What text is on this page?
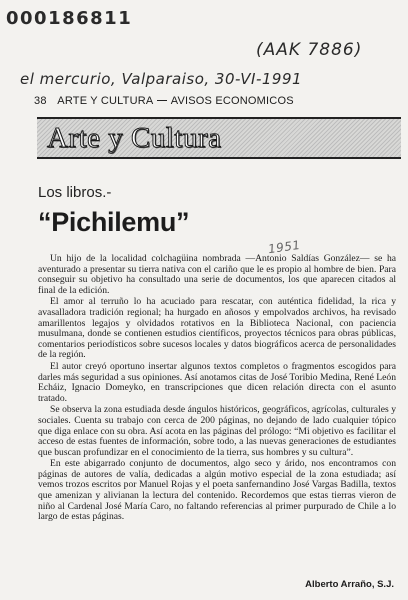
000186811
(AAK 7886)
el mercurio, Valparaiso, 30-VI-1991
1951
38 ARTE Y CULTURA AVISOS ECONOMICOS
Arte y Cultura
Los libros.-
“Pichilemu”

Un hijo de la localidad colchagüina nombrada —Antonio Saldías González— se ha aventurado a presentar su tierra nativa con el cariño que le es propio al hombre de bien. Para conseguir su objetivo ha consultado una serie de documentos, los que aparecen citados al final de la edición.

El amor al terruño lo ha acuciado para rescatar, con auténtica fidelidad, la rica y avasalladora tradición regional; ha hurgado en añosos y empolvados archivos, ha revisado amarillentos legajos y olvidados rotativos en la Biblioteca Nacional, con paciencia musulmana, donde se contienen estudios científicos, proyectos técnicos para obras públicas, comentarios periodísticos sobre sucesos locales y datos biográficos acerca de personalidades de la región.

El autor creyó oportuno insertar algunos textos completos o fragmentos escogidos para darles más seguridad a sus opiniones. Así anotamos citas de José Toribio Medina, René León Echáiz, Ignacio Domeyko, en transcripciones que dicen relación directa con el asunto tratado.

Se observa la zona estudiada desde ángulos históricos, geográficos, agrícolas, culturales y sociales. Cuenta su trabajo con cerca de 200 páginas, no dejando de lado cualquier tópico que diga enlace con su obra. Así acota en las páginas del prólogo: “Mi objetivo es facilitar el acceso de estas fuentes de información, sobre todo, a las nuevas generaciones de estudiantes que buscan profundizar en el conocimiento de la tierra, sus hombres y su cultura”.

En este abigarrado conjunto de documentos, algo seco y árido, nos encontramos con páginas de autores de valía, dedicadas a algún motivo especial de la zona estudiada; así vemos trozos escritos por Manuel Rojas y el poeta sanfernandino José Vargas Badilla, textos que amenizan y alivianan la lectura del contenido. Recordemos que estas tierras vieron de niño al Cardenal José María Caro, no faltando referencias al primer purpurado de Chile a lo largo de estas páginas.

Alberto Arraño, S.J.
